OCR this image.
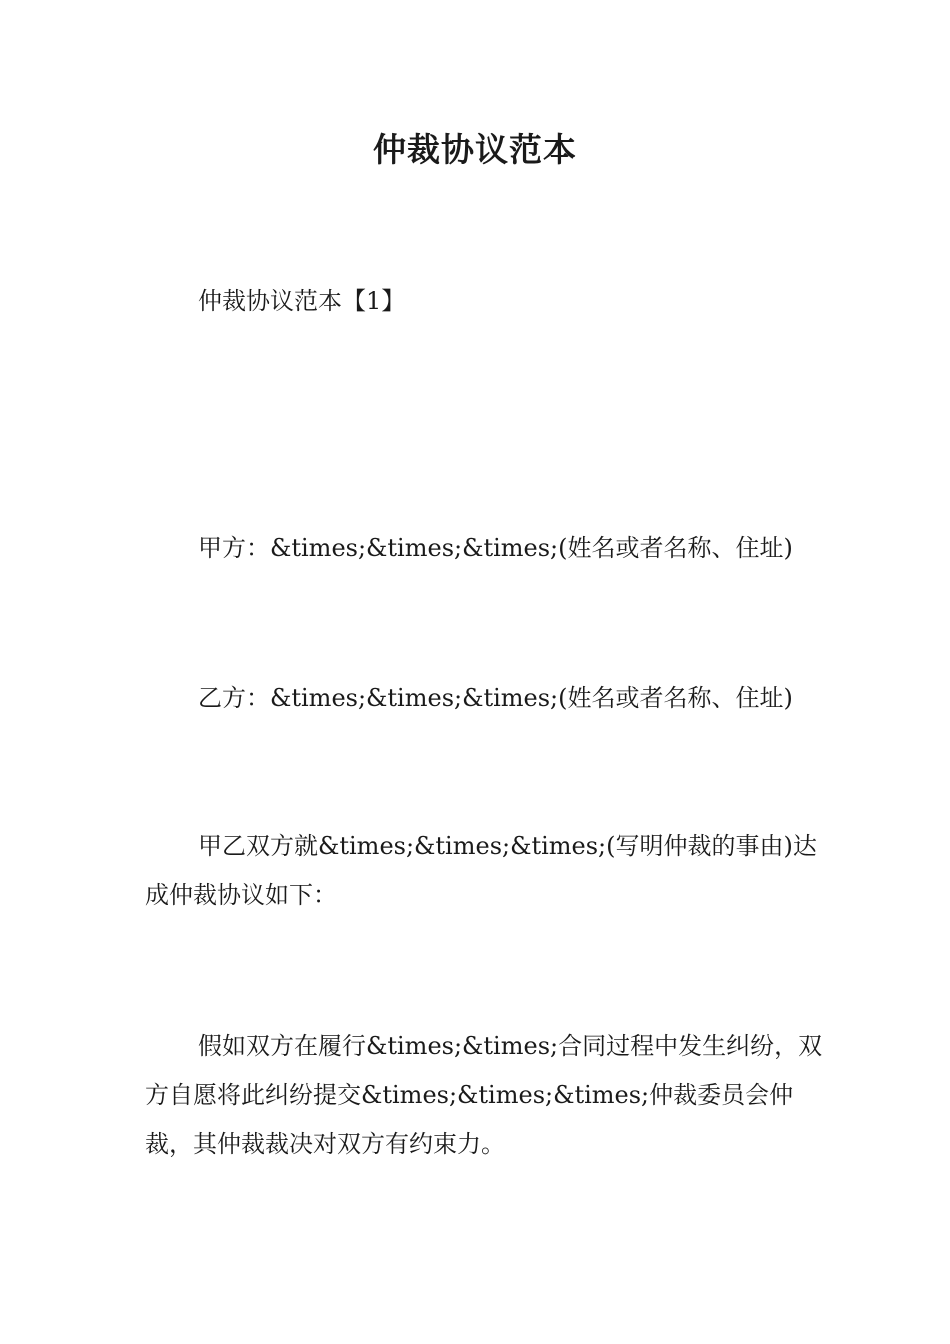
仲裁协议范本
仲裁协议范本【1】
甲方：&times;&times;&times;(姓名或者名称、住址)
乙方：&times;&times;&times;(姓名或者名称、住址)
甲乙双方就&times;&times;&times;(写明仲裁的事由)达成仲裁协议如下：
假如双方在履行&times;&times;合同过程中发生纠纷，双方自愿将此纠纷提交&times;&times;&times;仲裁委员会仲裁，其仲裁裁决对双方有约束力。
